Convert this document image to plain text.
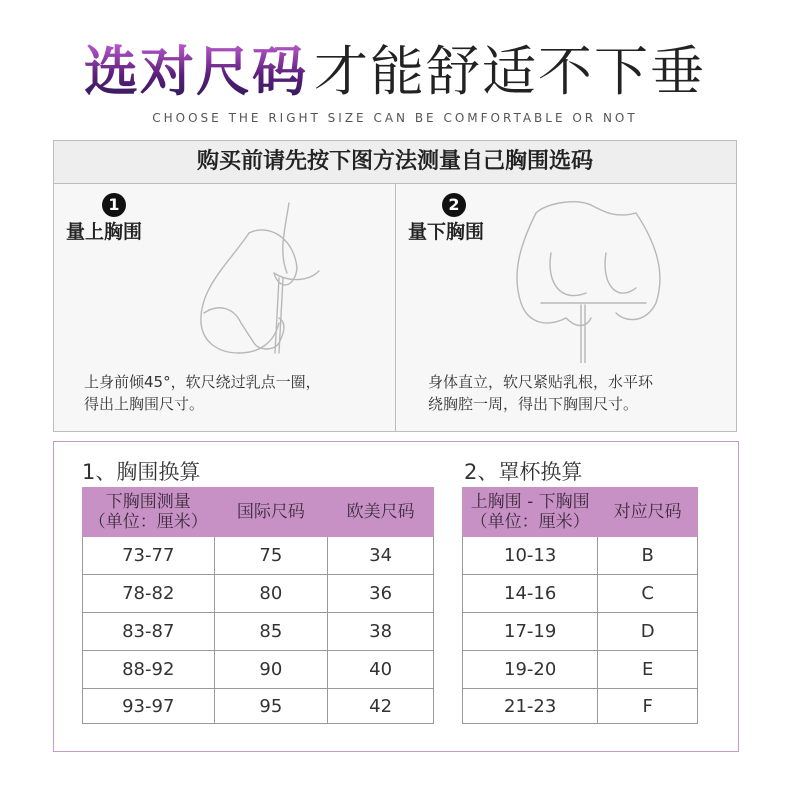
选对尺码 才能舒适不下垂
CHOOSE THE RIGHT SIZE CAN BE COMFORTABLE OR NOT
购买前请先按下图方法测量自己胸围选码
1
量上胸围
上身前倾45°，软尺绕过乳点一圈，
得出上胸围尺寸。
2
量下胸围
身体直立，软尺紧贴乳根，水平环
绕胸腔一周，得出下胸围尺寸。
1、胸围换算
下胸围测量
（单位：厘米）	国际尺码	欧美尺码
73-77	75	34
78-82	80	36
83-87	85	38
88-92	90	40
93-97	95	42
2、罩杯换算
上胸围 - 下胸围
（单位：厘米）	对应尺码
10-13	B
14-16	C
17-19	D
19-20	E
21-23	F
